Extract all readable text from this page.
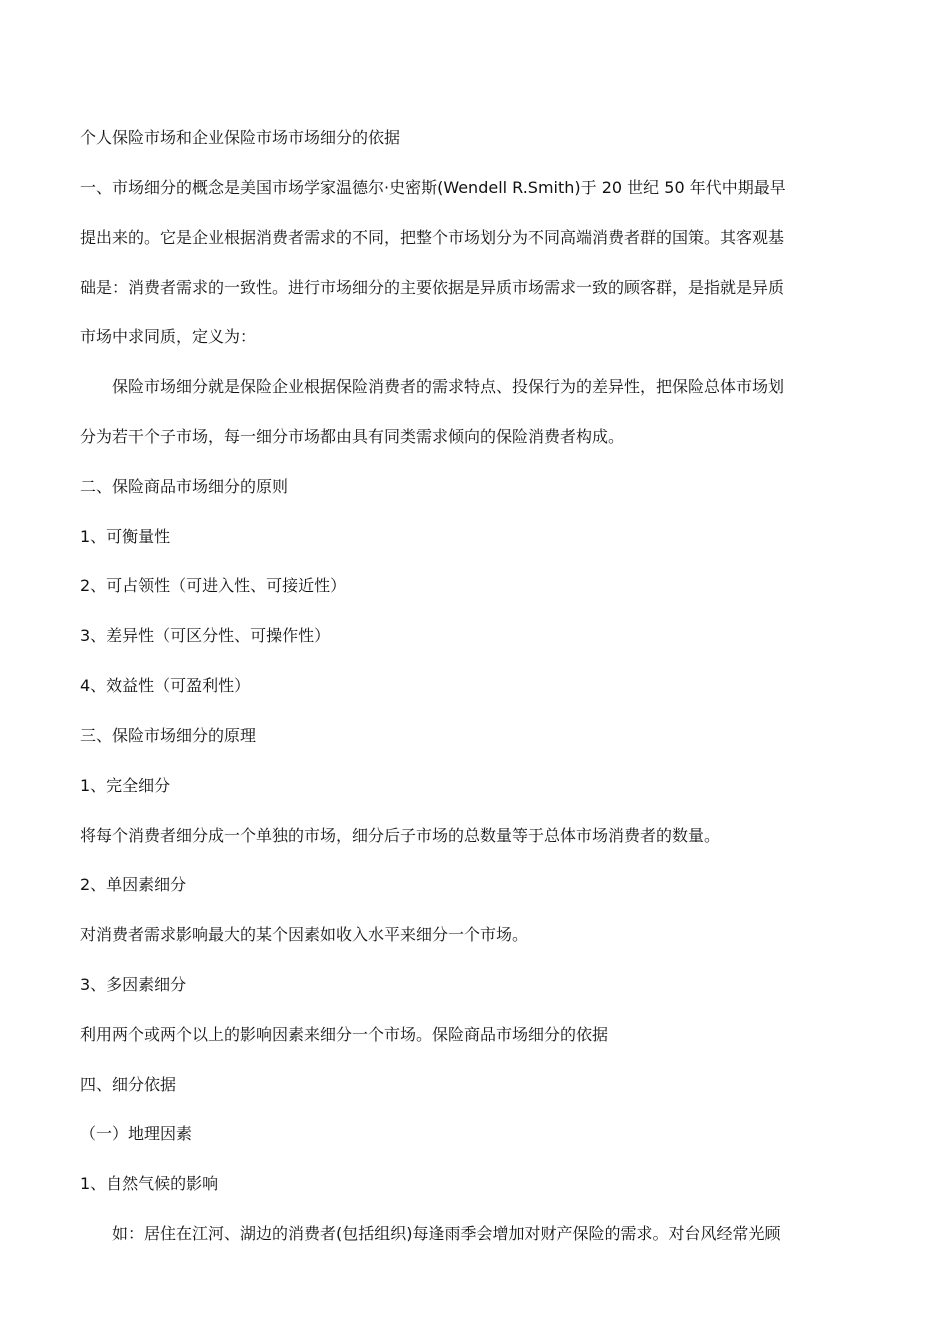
个人保险市场和企业保险市场市场细分的依据
一、市场细分的概念是美国市场学家温德尔·史密斯(Wendell R.Smith)于 20 世纪 50 年代中期最早
提出来的。它是企业根据消费者需求的不同，把整个市场划分为不同高端消费者群的国策。其客观基
础是：消费者需求的一致性。进行市场细分的主要依据是异质市场需求一致的顾客群，是指就是异质
市场中求同质，定义为：
保险市场细分就是保险企业根据保险消费者的需求特点、投保行为的差异性，把保险总体市场划
分为若干个子市场，每一细分市场都由具有同类需求倾向的保险消费者构成。
二、保险商品市场细分的原则
1、可衡量性
2、可占领性（可进入性、可接近性）
3、差异性（可区分性、可操作性）
4、效益性（可盈利性）
三、保险市场细分的原理
1、完全细分
将每个消费者细分成一个单独的市场，细分后子市场的总数量等于总体市场消费者的数量。
2、单因素细分
对消费者需求影响最大的某个因素如收入水平来细分一个市场。
3、多因素细分
利用两个或两个以上的影响因素来细分一个市场。保险商品市场细分的依据
四、细分依据
（一）地理因素
1、自然气候的影响
如：居住在江河、湖边的消费者(包括组织)每逢雨季会增加对财产保险的需求。对台风经常光顾
